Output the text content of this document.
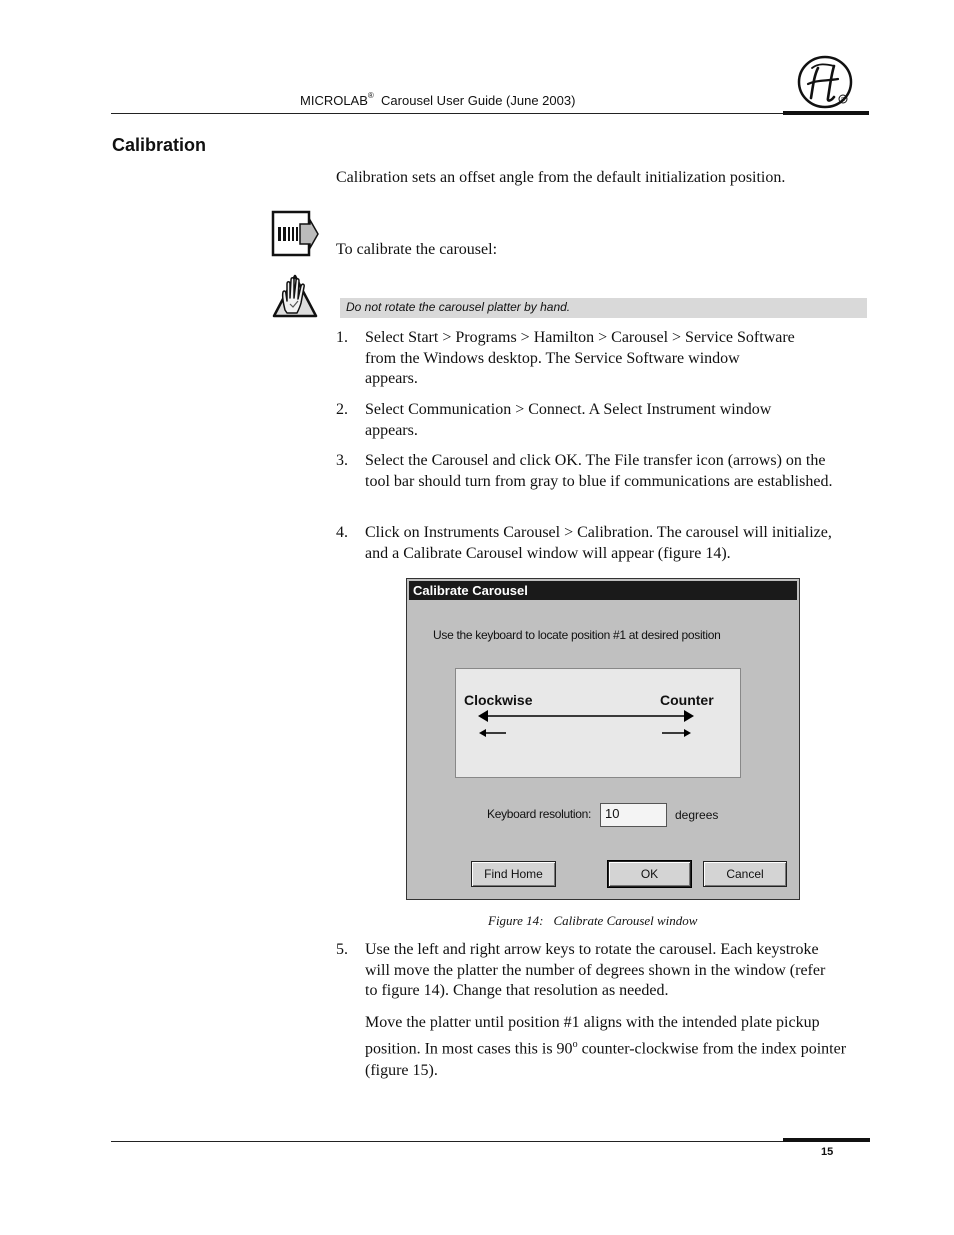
MICROLAB® Carousel User Guide (June 2003)	R
Calibration
Calibration sets an offset angle from the default initialization position.
To calibrate the carousel:
Do not rotate the carousel platter by hand.
1. Select Start > Programs > Hamilton > Carousel > Service Software from the Windows desktop. The Service Software window appears.
2. Select Communication > Connect. A Select Instrument window appears.
3. Select the Carousel and click OK. The File transfer icon (arrows) on the tool bar should turn from gray to blue if communications are established.
4. Click on Instruments Carousel > Calibration. The carousel will initialize, and a Calibrate Carousel window will appear (figure 14).
Calibrate Carousel
Use the keyboard to locate position #1 at desired position
Clockwise	Counter
Keyboard resolution:	10	degrees
Find Home	OK	Cancel
Figure 14: Calibrate Carousel window
5. Use the left and right arrow keys to rotate the carousel. Each keystroke will move the platter the number of degrees shown in the window (refer to figure 14). Change that resolution as needed.
Move the platter until position #1 aligns with the intended plate pickup position. In most cases this is 90$^o$ counter-clockwise from the index pointer (figure 15).
15
